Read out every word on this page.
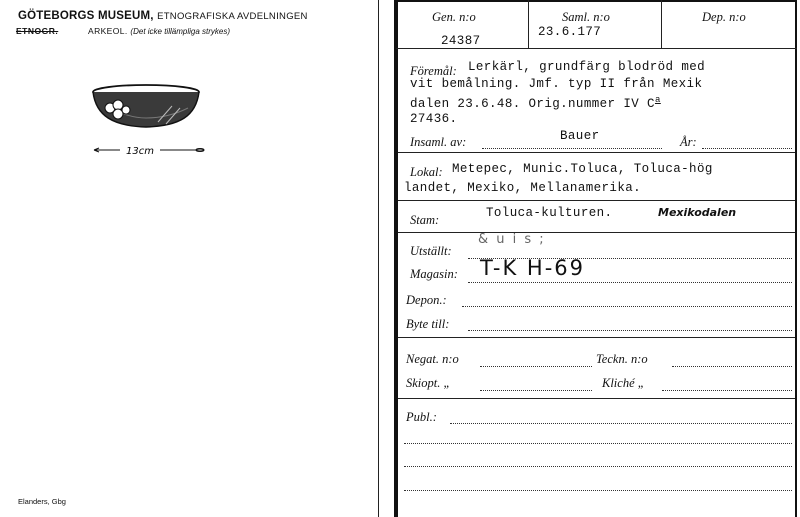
GÖTEBORGS MUSEUM, ETNOGRAFISKA AVDELNINGEN
ETNOGR.	ARKEOL. (Det icke tillämpliga strykes)
13cm
Elanders, Gbg
Gen. n:o
24387
Saml. n:o
23.6.177
Dep. n:o
Föremål: Lerkärl, grundfärg blodröd med
vit bemålning. Jmf. typ II från Mexik
dalen 23.6.48. Orig.nummer IV $C^a$
27436.
Insaml. av:	Bauer	År:
Lokal: Metepec, Munic.Toluca, Toluca-hög
landet, Mexiko, Mellanamerika.
Stam:	Toluca-kulturen.	Mexikodalen
Utställt:
& u i s ;
Magasin: T-K H-69
Depon.:
Byte till:
Negat. n:o	Teckn. n:o
Skiopt. „	Kliché „
Publ.:
